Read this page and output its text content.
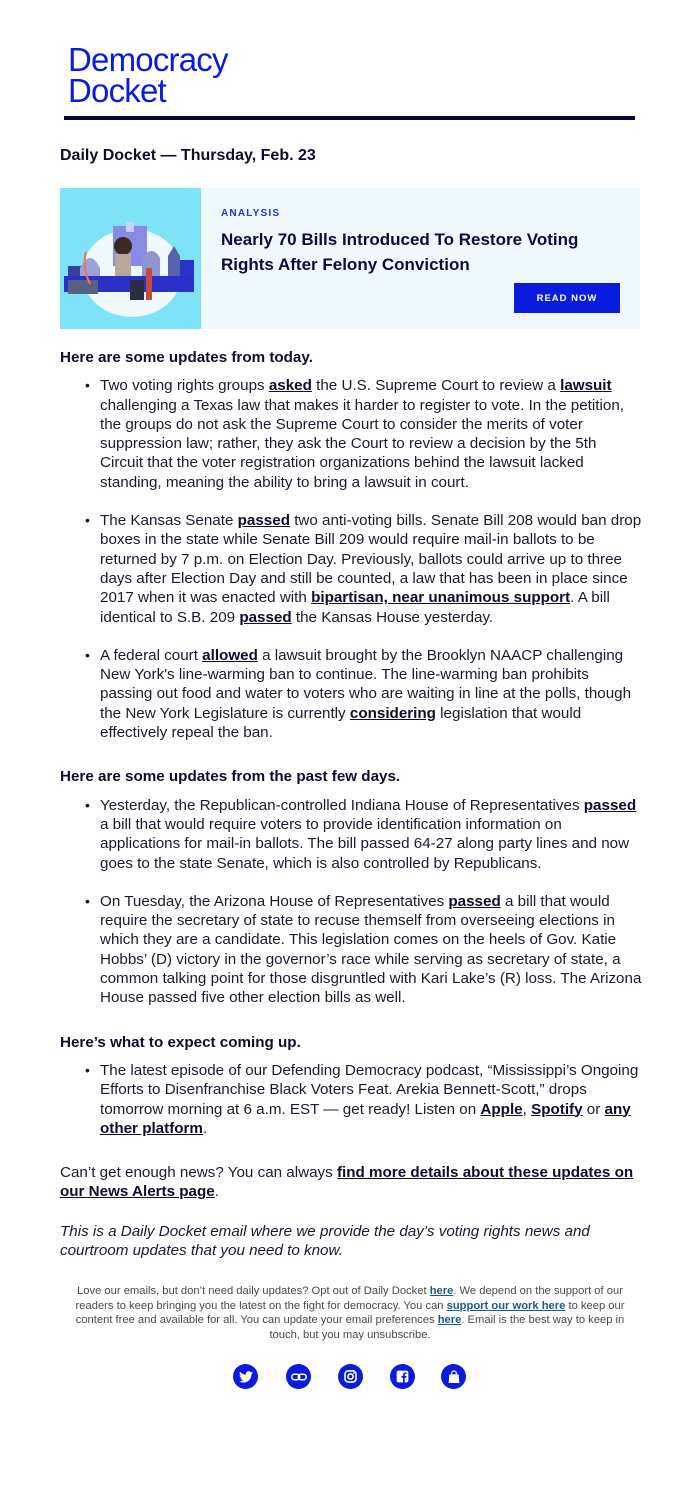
Democracy
Docket
Daily Docket — Thursday, Feb. 23
ANALYSIS
Nearly 70 Bills Introduced To Restore Voting Rights After Felony Conviction
READ NOW
Here are some updates from today.
• Two voting rights groups asked the U.S. Supreme Court to review a lawsuit challenging a Texas law that makes it harder to register to vote. In the petition, the groups do not ask the Supreme Court to consider the merits of voter suppression law; rather, they ask the Court to review a decision by the 5th Circuit that the voter registration organizations behind the lawsuit lacked standing, meaning the ability to bring a lawsuit in court.
• The Kansas Senate passed two anti-voting bills. Senate Bill 208 would ban drop boxes in the state while Senate Bill 209 would require mail-in ballots to be returned by 7 p.m. on Election Day. Previously, ballots could arrive up to three days after Election Day and still be counted, a law that has been in place since 2017 when it was enacted with bipartisan, near unanimous support. A bill identical to S.B. 209 passed the Kansas House yesterday.
• A federal court allowed a lawsuit brought by the Brooklyn NAACP challenging New York's line-warming ban to continue. The line-warming ban prohibits passing out food and water to voters who are waiting in line at the polls, though the New York Legislature is currently considering legislation that would effectively repeal the ban.
Here are some updates from the past few days.
• Yesterday, the Republican-controlled Indiana House of Representatives passed a bill that would require voters to provide identification information on applications for mail-in ballots. The bill passed 64-27 along party lines and now goes to the state Senate, which is also controlled by Republicans.
• On Tuesday, the Arizona House of Representatives passed a bill that would require the secretary of state to recuse themself from overseeing elections in which they are a candidate. This legislation comes on the heels of Gov. Katie Hobbs’ (D) victory in the governor’s race while serving as secretary of state, a common talking point for those disgruntled with Kari Lake’s (R) loss. The Arizona House passed five other election bills as well.
Here’s what to expect coming up.
• The latest episode of our Defending Democracy podcast, “Mississippi’s Ongoing Efforts to Disenfranchise Black Voters Feat. Arekia Bennett-Scott,” drops tomorrow morning at 6 a.m. EST — get ready! Listen on Apple, Spotify or any other platform.
Can’t get enough news? You can always find more details about these updates on our News Alerts page.
This is a Daily Docket email where we provide the day’s voting rights news and courtroom updates that you need to know.
Love our emails, but don’t need daily updates? Opt out of Daily Docket here. We depend on the support of our readers to keep bringing you the latest on the fight for democracy. You can support our work here to keep our content free and available for all. You can update your email preferences here. Email is the best way to keep in touch, but you may unsubscribe.
